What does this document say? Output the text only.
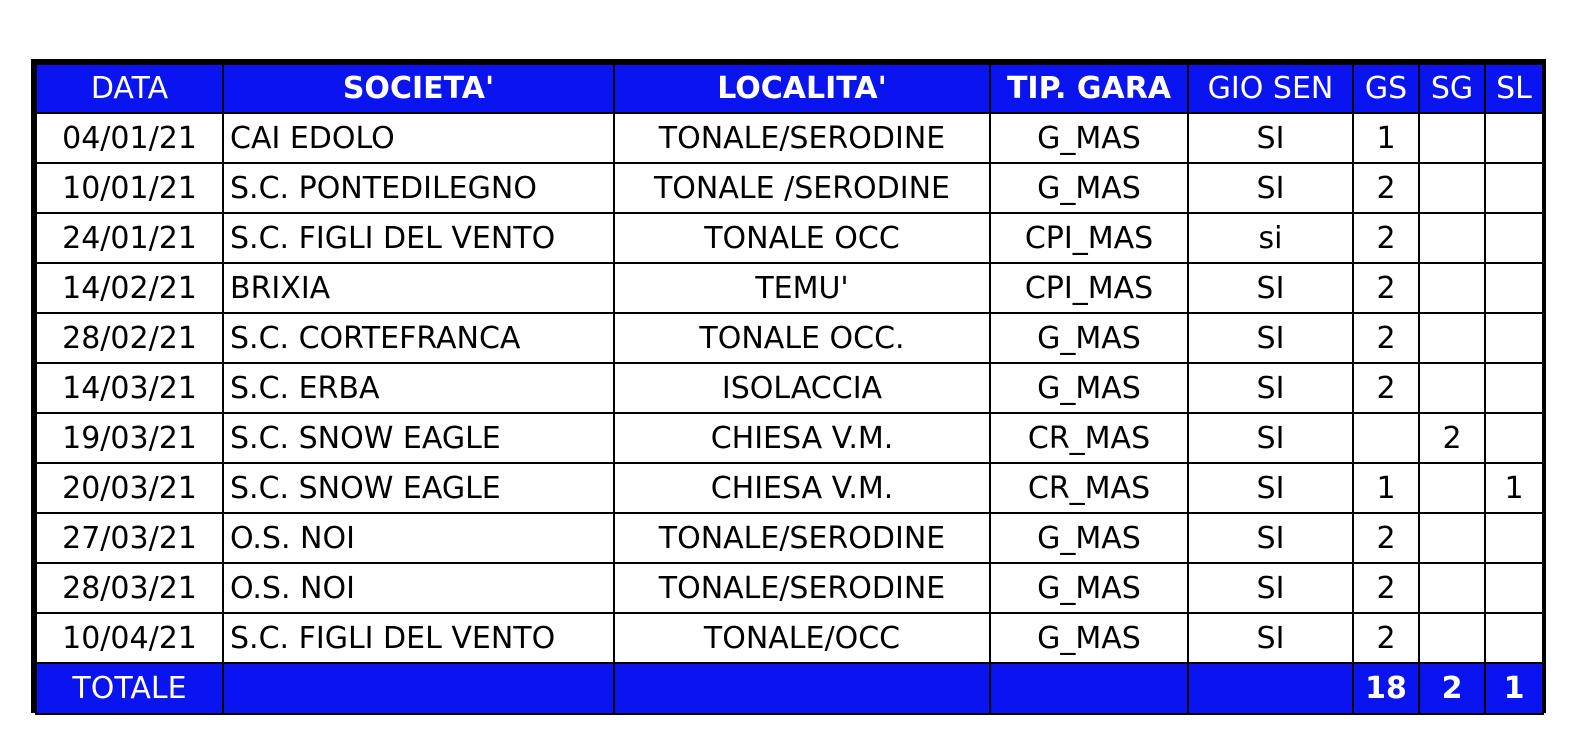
DATA	SOCIETA'	LOCALITA'	TIP. GARA	GIO SEN	GS	SG	SL
04/01/21	CAI EDOLO	TONALE/SERODINE	G_MAS	SI	1		
10/01/21	S.C. PONTEDILEGNO	TONALE /SERODINE	G_MAS	SI	2		
24/01/21	S.C. FIGLI DEL VENTO	TONALE OCC	CPI_MAS	si	2		
14/02/21	BRIXIA	TEMU'	CPI_MAS	SI	2		
28/02/21	S.C. CORTEFRANCA	TONALE OCC.	G_MAS	SI	2		
14/03/21	S.C. ERBA	ISOLACCIA	G_MAS	SI	2		
19/03/21	S.C. SNOW EAGLE	CHIESA V.M.	CR_MAS	SI		2	
20/03/21	S.C. SNOW EAGLE	CHIESA V.M.	CR_MAS	SI	1		1
27/03/21	O.S. NOI	TONALE/SERODINE	G_MAS	SI	2		
28/03/21	O.S. NOI	TONALE/SERODINE	G_MAS	SI	2		
10/04/21	S.C. FIGLI DEL VENTO	TONALE/OCC	G_MAS	SI	2		
TOTALE					18	2	1
